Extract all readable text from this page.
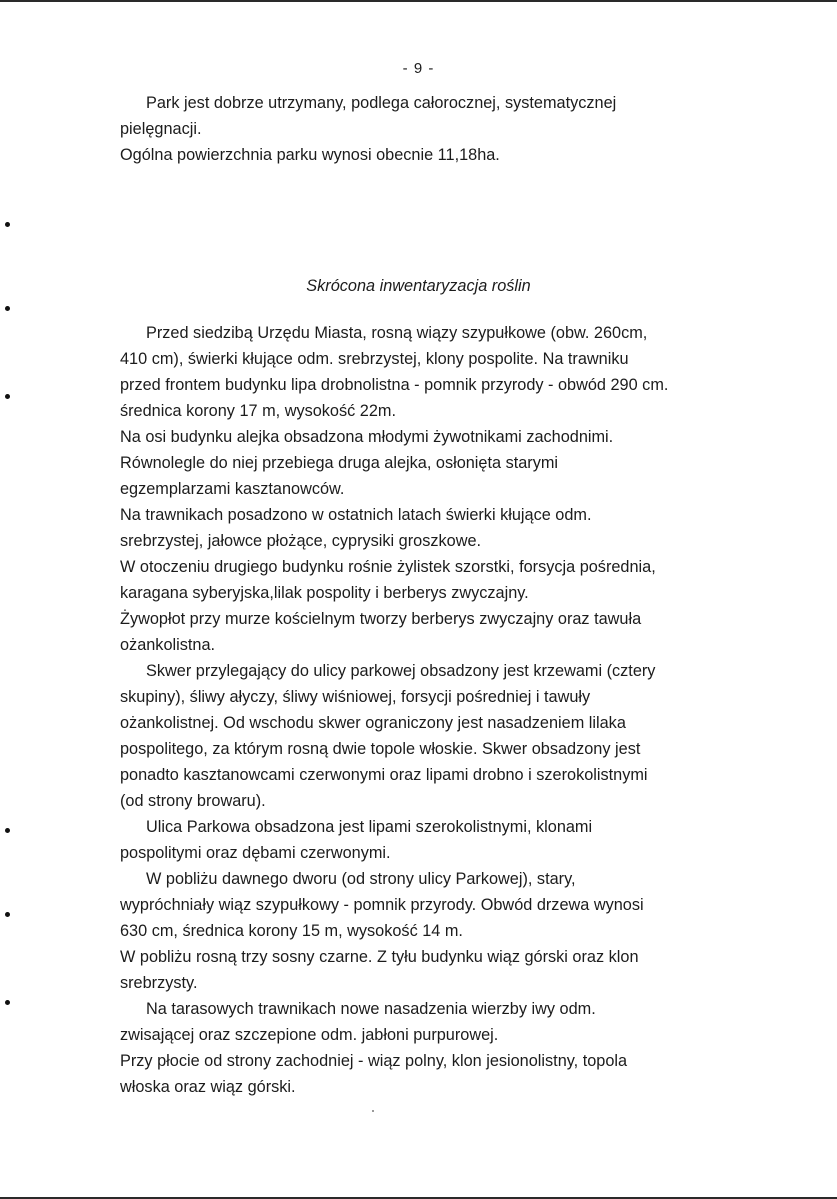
- 9 -
Park jest dobrze utrzymany, podlega całorocznej, systematycznej
pielęgnacji.
Ogólna powierzchnia parku wynosi obecnie 11,18ha.
Skrócona inwentaryzacja roślin
Przed siedzibą Urzędu Miasta, rosną wiązy szypułkowe (obw. 260cm,
410 cm), świerki kłujące odm. srebrzystej, klony pospolite. Na trawniku
przed frontem budynku lipa drobnolistna - pomnik przyrody - obwód 290 cm.
średnica korony 17 m, wysokość 22m.
Na osi budynku alejka obsadzona młodymi żywotnikami zachodnimi.
Równolegle do niej przebiega druga alejka, osłonięta starymi
egzemplarzami kasztanowców.
Na trawnikach posadzono w ostatnich latach świerki kłujące odm.
srebrzystej, jałowce płożące, cyprysiki groszkowe.
W otoczeniu drugiego budynku rośnie żylistek szorstki, forsycja pośrednia,
karagana syberyjska,lilak pospolity i berberys zwyczajny.
Żywopłot przy murze kościelnym tworzy berberys zwyczajny oraz tawuła
ożankolistna.
Skwer przylegający do ulicy parkowej obsadzony jest krzewami (cztery
skupiny), śliwy ałyczy, śliwy wiśniowej, forsycji pośredniej i tawuły
ożankolistnej. Od wschodu skwer ograniczony jest nasadzeniem lilaka
pospolitego, za którym rosną dwie topole włoskie. Skwer obsadzony jest
ponadto kasztanowcami czerwonymi oraz lipami drobno i szerokolistnymi
(od strony browaru).
Ulica Parkowa obsadzona jest lipami szerokolistnymi, klonami
pospolitymi oraz dębami czerwonymi.
W pobliżu dawnego dworu (od strony ulicy Parkowej), stary,
wypróchniały wiąz szypułkowy - pomnik przyrody. Obwód drzewa wynosi
630 cm, średnica korony 15 m, wysokość 14 m.
W pobliżu rosną trzy sosny czarne. Z tyłu budynku wiąz górski oraz klon
srebrzysty.
Na tarasowych trawnikach nowe nasadzenia wierzby iwy odm.
zwisającej oraz szczepione odm. jabłoni purpurowej.
Przy płocie od strony zachodniej - wiąz polny, klon jesionolistny, topola
włoska oraz wiąz górski.
